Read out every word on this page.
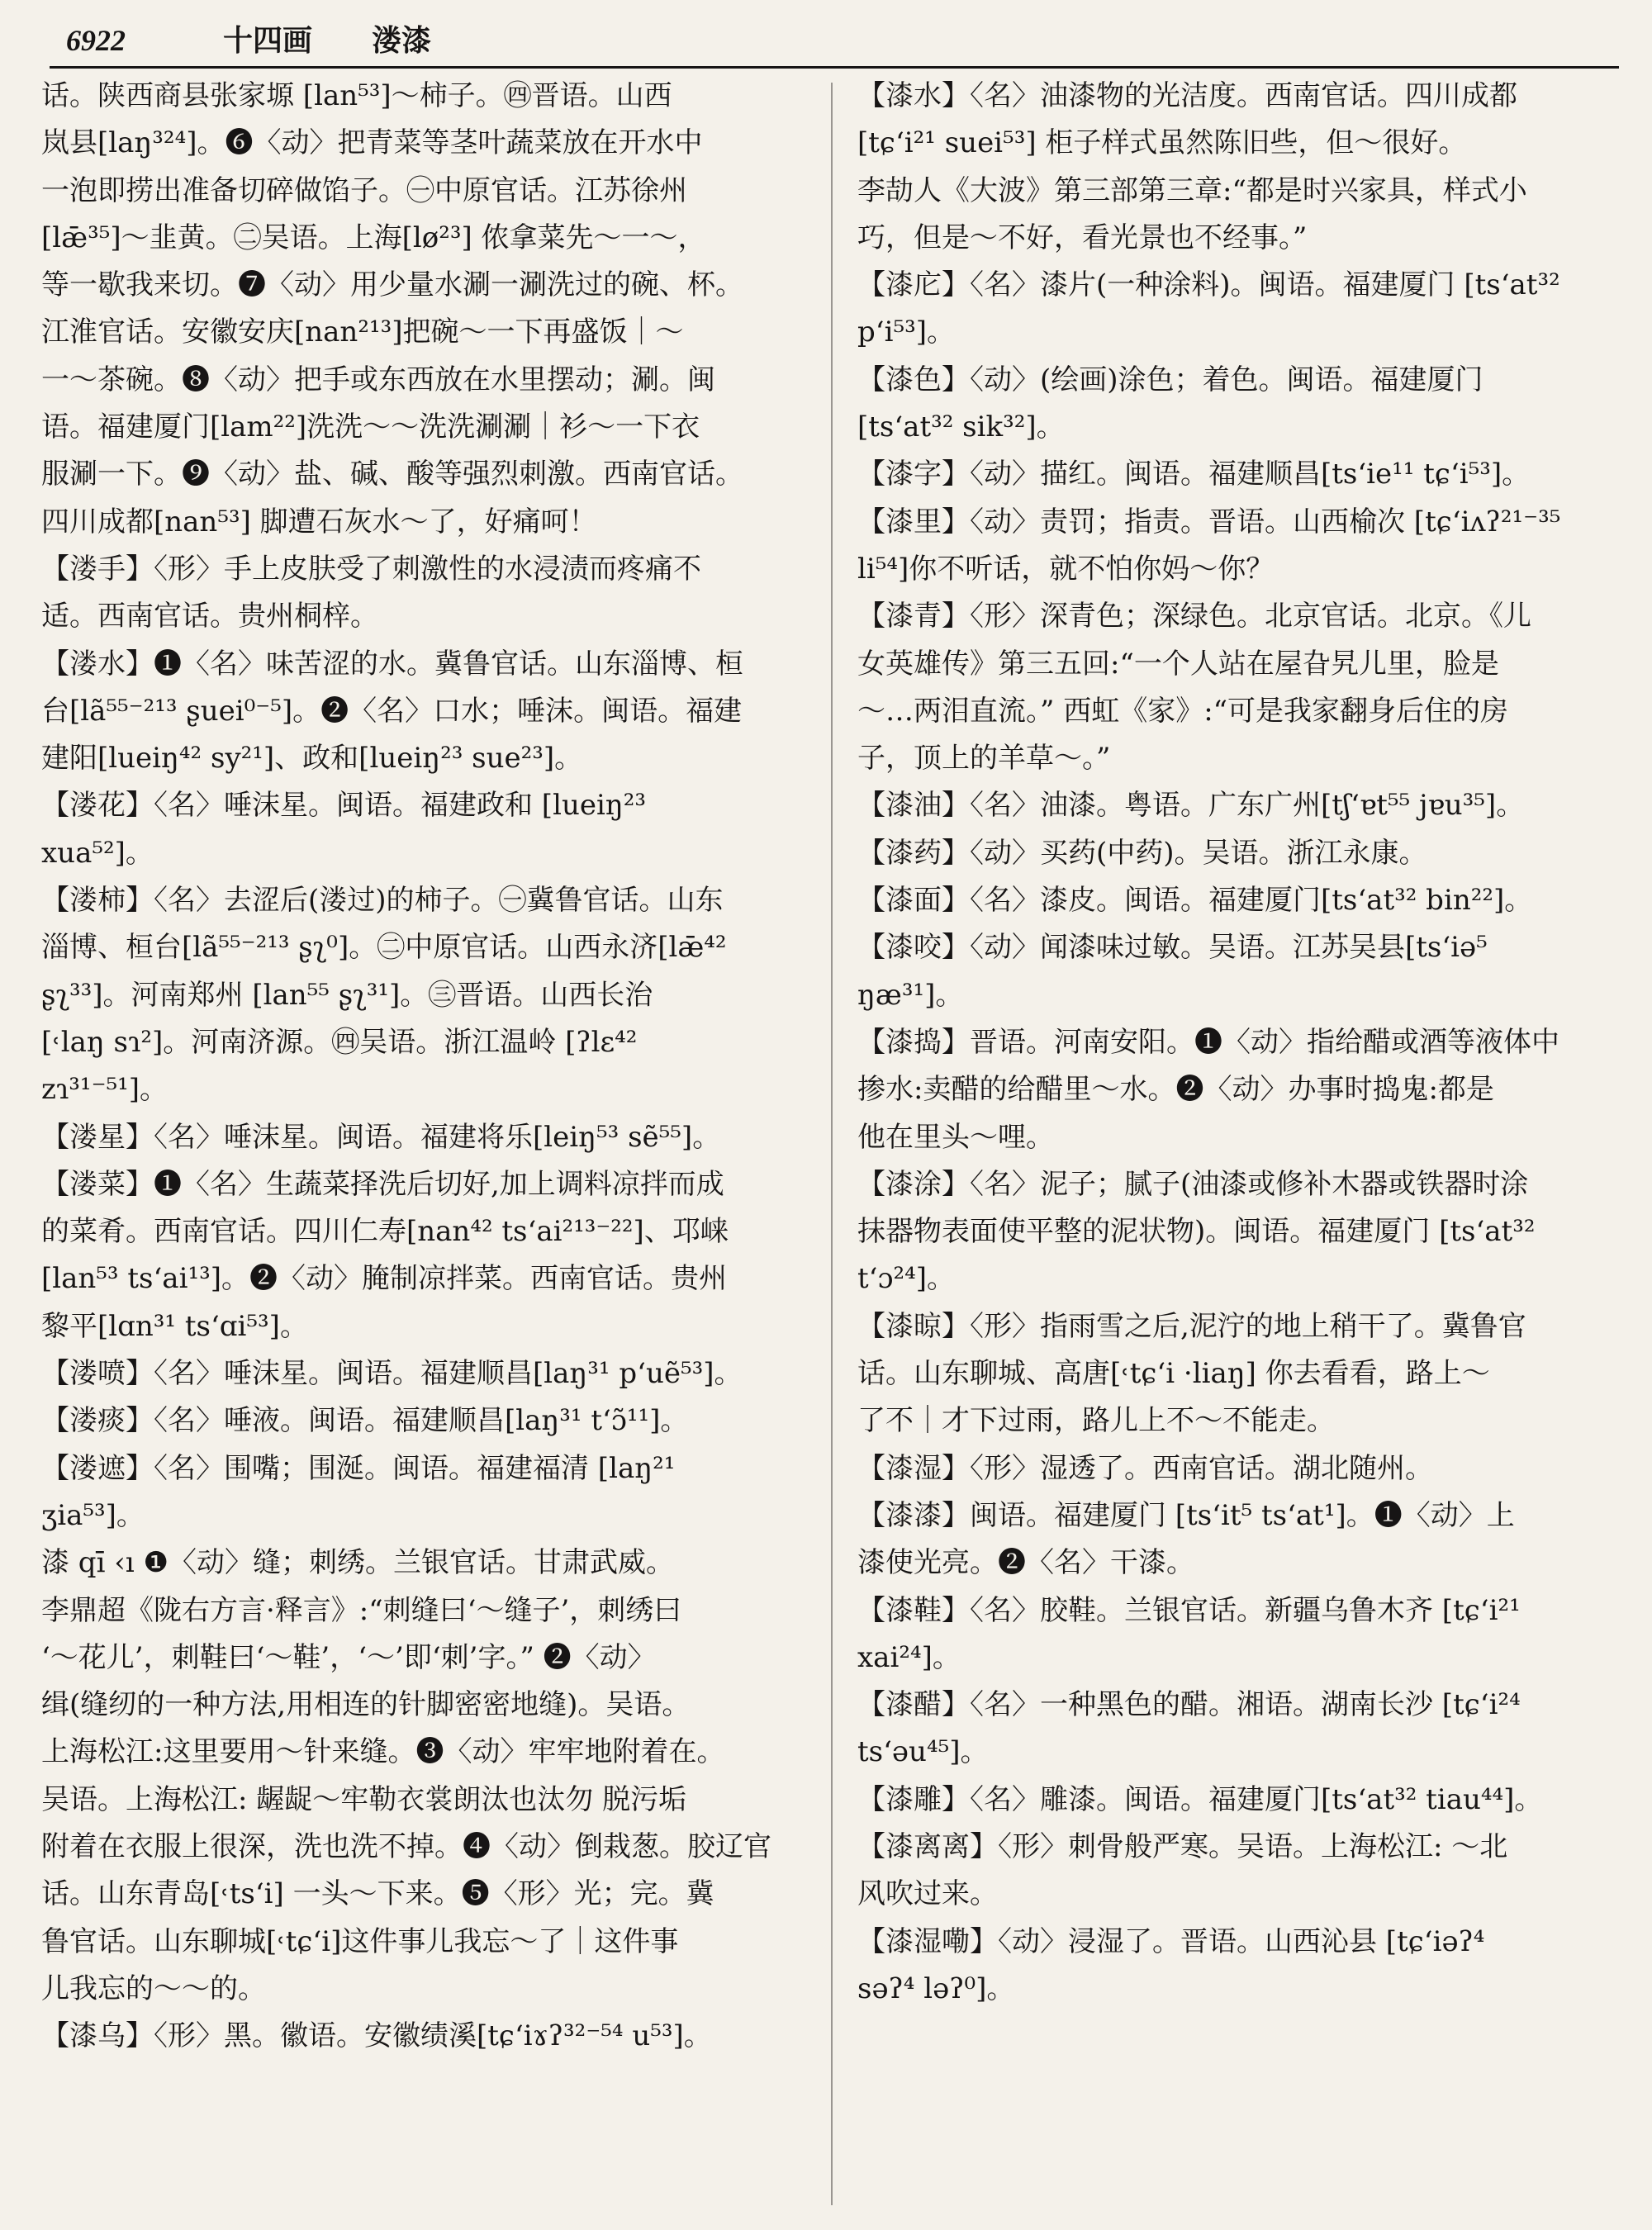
6922	十四画 溇漆

话。陕西商县张家塬 [lan⁵³]～柿子。㊃晋语。山西

岚县[laŋ³²⁴]。❻〈动〉把青菜等茎叶蔬菜放在开水中

一泡即捞出准备切碎做馅子。㊀中原官话。江苏徐州

[lǣ³⁵]～韭黄。㊁吴语。上海[lø²³] 侬拿菜先～一～，

等一歇我来切。❼〈动〉用少量水涮一涮洗过的碗、杯。

江淮官话。安徽安庆[nan²¹³]把碗～一下再盛饭｜～

一～茶碗。❽〈动〉把手或东西放在水里摆动；涮。闽

语。福建厦门[lam²²]洗洗～～洗洗涮涮｜衫～一下衣

服涮一下。❾〈动〉盐、碱、酸等强烈刺激。西南官话。

四川成都[nan⁵³] 脚遭石灰水～了，好痛呵！

【溇手】〈形〉手上皮肤受了刺激性的水浸渍而疼痛不

适。西南官话。贵州桐梓。

【溇水】❶〈名〉味苦涩的水。冀鲁官话。山东淄博、桓

台[lã⁵⁵⁻²¹³ ʂuei⁰⁻⁵]。❷〈名〉口水；唾沫。闽语。福建

建阳[lueiŋ⁴² sy²¹]、政和[lueiŋ²³ sue²³]。

【溇花】〈名〉唾沫星。闽语。福建政和 [lueiŋ²³

xua⁵²]。

【溇柿】〈名〉去涩后(溇过)的柿子。㊀冀鲁官话。山东

淄博、桓台[lã⁵⁵⁻²¹³ ʂʅ⁰]。㊁中原官话。山西永济[lǣ⁴²

ʂʅ³³]。河南郑州 [lan⁵⁵ ʂʅ³¹]。㊂晋语。山西长治

[˓laŋ sɿ²]。河南济源。㊃吴语。浙江温岭 [ʔlɛ⁴²

zɿ³¹⁻⁵¹]。

【溇星】〈名〉唾沫星。闽语。福建将乐[leiŋ⁵³ sẽ⁵⁵]。

【溇菜】❶〈名〉生蔬菜择洗后切好,加上调料凉拌而成

的菜肴。西南官话。四川仁寿[nan⁴² ts‘ai²¹³⁻²²]、邛崃

[lan⁵³ ts‘ai¹³]。❷〈动〉腌制凉拌菜。西南官话。贵州

黎平[lɑn³¹ ts‘ɑi⁵³]。

【溇喷】〈名〉唾沫星。闽语。福建顺昌[laŋ³¹ p‘uẽ⁵³]。

【溇痰】〈名〉唾液。闽语。福建顺昌[laŋ³¹ t‘ɔ̃¹¹]。

【溇遮】〈名〉围嘴；围涎。闽语。福建福清 [laŋ²¹

ʒia⁵³]。

漆 qī ‹ı ❶〈动〉缝；刺绣。兰银官话。甘肃武威。

李鼎超《陇右方言·释言》:“刺缝曰‘～缝子’，刺绣曰

‘～花儿’，刺鞋曰‘～鞋’，‘～’即‘刺’字。” ❷〈动〉

缉(缝纫的一种方法,用相连的针脚密密地缝)。吴语。

上海松江:这里要用～针来缝。❸〈动〉牢牢地附着在。

吴语。上海松江: 龌龊～牢勒衣裳朗汰也汰勿 脱污垢

附着在衣服上很深，洗也洗不掉。❹〈动〉倒栽葱。胶辽官

话。山东青岛[˓ts‘i] 一头～下来。❺〈形〉光；完。冀

鲁官话。山东聊城[˓tɕ‘i]这件事儿我忘～了｜这件事

儿我忘的～～的。

【漆乌】〈形〉黑。徽语。安徽绩溪[tɕ‘iɤʔ³²⁻⁵⁴ u⁵³]。

【漆水】〈名〉油漆物的光洁度。西南官话。四川成都

[tɕ‘i²¹ suei⁵³] 柜子样式虽然陈旧些，但～很好。

李劼人《大波》第三部第三章:“都是时兴家具，样式小

巧，但是～不好，看光景也不经事。”

【漆庀】〈名〉漆片(一种涂料)。闽语。福建厦门 [ts‘at³²

p‘i⁵³]。

【漆色】〈动〉(绘画)涂色；着色。闽语。福建厦门

[ts‘at³² sik³²]。

【漆字】〈动〉描红。闽语。福建顺昌[ts‘ie¹¹ tɕ‘i⁵³]。

【漆里】〈动〉责罚；指责。晋语。山西榆次 [tɕ‘iʌʔ²¹⁻³⁵

li⁵⁴]你不听话，就不怕你妈～你？

【漆青】〈形〉深青色；深绿色。北京官话。北京。《儿

女英雄传》第三五回:“一个人站在屋旮旯儿里，脸是

～…两泪直流。” 西虹《家》:“可是我家翻身后住的房

子，顶上的羊草～。”

【漆油】〈名〉油漆。粤语。广东广州[tʃ‘ɐt⁵⁵ jɐu³⁵]。

【漆药】〈动〉买药(中药)。吴语。浙江永康。

【漆面】〈名〉漆皮。闽语。福建厦门[ts‘at³² bin²²]。

【漆咬】〈动〉闻漆味过敏。吴语。江苏吴县[ts‘iə⁵

ŋæ³¹]。

【漆捣】晋语。河南安阳。❶〈动〉指给醋或酒等液体中

掺水:卖醋的给醋里～水。❷〈动〉办事时捣鬼:都是

他在里头～哩。

【漆涂】〈名〉泥子；腻子(油漆或修补木器或铁器时涂

抹器物表面使平整的泥状物)。闽语。福建厦门 [ts‘at³²

t‘ɔ²⁴]。

【漆晾】〈形〉指雨雪之后,泥泞的地上稍干了。冀鲁官

话。山东聊城、高唐[˓tɕ‘i ·liaŋ] 你去看看，路上～

了不｜才下过雨，路儿上不～不能走。

【漆湿】〈形〉湿透了。西南官话。湖北随州。

【漆漆】闽语。福建厦门 [ts‘it⁵ ts‘at¹]。❶〈动〉上

漆使光亮。❷〈名〉干漆。

【漆鞋】〈名〉胶鞋。兰银官话。新疆乌鲁木齐 [tɕ‘i²¹

xai²⁴]。

【漆醋】〈名〉一种黑色的醋。湘语。湖南长沙 [tɕ‘i²⁴

ts‘əu⁴⁵]。

【漆雕】〈名〉雕漆。闽语。福建厦门[ts‘at³² tiau⁴⁴]。

【漆离离】〈形〉刺骨般严寒。吴语。上海松江: ～北

风吹过来。

【漆湿嘞】〈动〉浸湿了。晋语。山西沁县 [tɕ‘iəʔ⁴

səʔ⁴ ləʔ⁰]。
